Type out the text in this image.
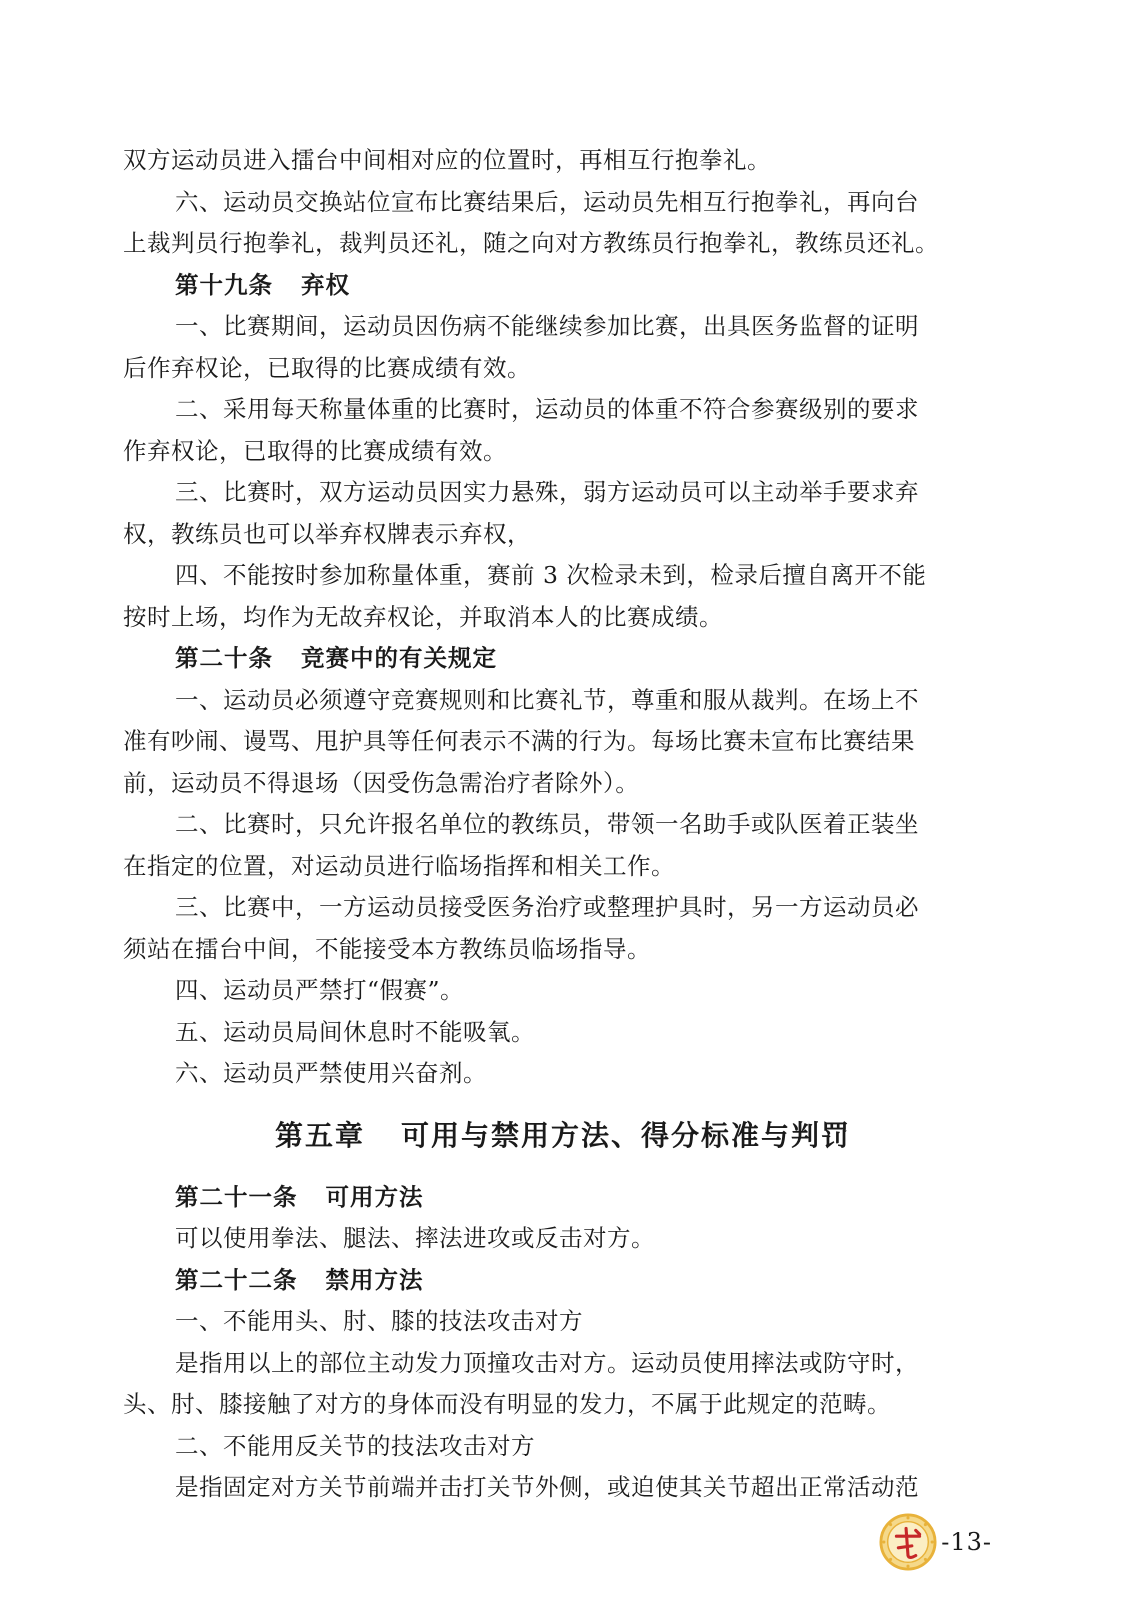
双方运动员进入擂台中间相对应的位置时，再相互行抱拳礼。
六、运动员交换站位宣布比赛结果后，运动员先相互行抱拳礼，再向台
上裁判员行抱拳礼，裁判员还礼，随之向对方教练员行抱拳礼，教练员还礼。
第十九条 弃权
一、比赛期间，运动员因伤病不能继续参加比赛，出具医务监督的证明
后作弃权论，已取得的比赛成绩有效。
二、采用每天称量体重的比赛时，运动员的体重不符合参赛级别的要求
作弃权论，已取得的比赛成绩有效。
三、比赛时，双方运动员因实力悬殊，弱方运动员可以主动举手要求弃
权，教练员也可以举弃权牌表示弃权，
四、不能按时参加称量体重，赛前 3 次检录未到，检录后擅自离开不能
按时上场，均作为无故弃权论，并取消本人的比赛成绩。
第二十条 竞赛中的有关规定
一、运动员必须遵守竞赛规则和比赛礼节，尊重和服从裁判。在场上不
准有吵闹、谩骂、甩护具等任何表示不满的行为。每场比赛未宣布比赛结果
前，运动员不得退场（因受伤急需治疗者除外）。
二、比赛时，只允许报名单位的教练员，带领一名助手或队医着正装坐
在指定的位置，对运动员进行临场指挥和相关工作。
三、比赛中，一方运动员接受医务治疗或整理护具时，另一方运动员必
须站在擂台中间，不能接受本方教练员临场指导。
四、运动员严禁打“假赛”。
五、运动员局间休息时不能吸氧。
六、运动员严禁使用兴奋剂。
第五章 可用与禁用方法、得分标准与判罚
第二十一条 可用方法
可以使用拳法、腿法、摔法进攻或反击对方。
第二十二条 禁用方法
一、不能用头、肘、膝的技法攻击对方
是指用以上的部位主动发力顶撞攻击对方。运动员使用摔法或防守时，
头、肘、膝接触了对方的身体而没有明显的发力，不属于此规定的范畴。
二、不能用反关节的技法攻击对方
是指固定对方关节前端并击打关节外侧，或迫使其关节超出正常活动范
-13-
